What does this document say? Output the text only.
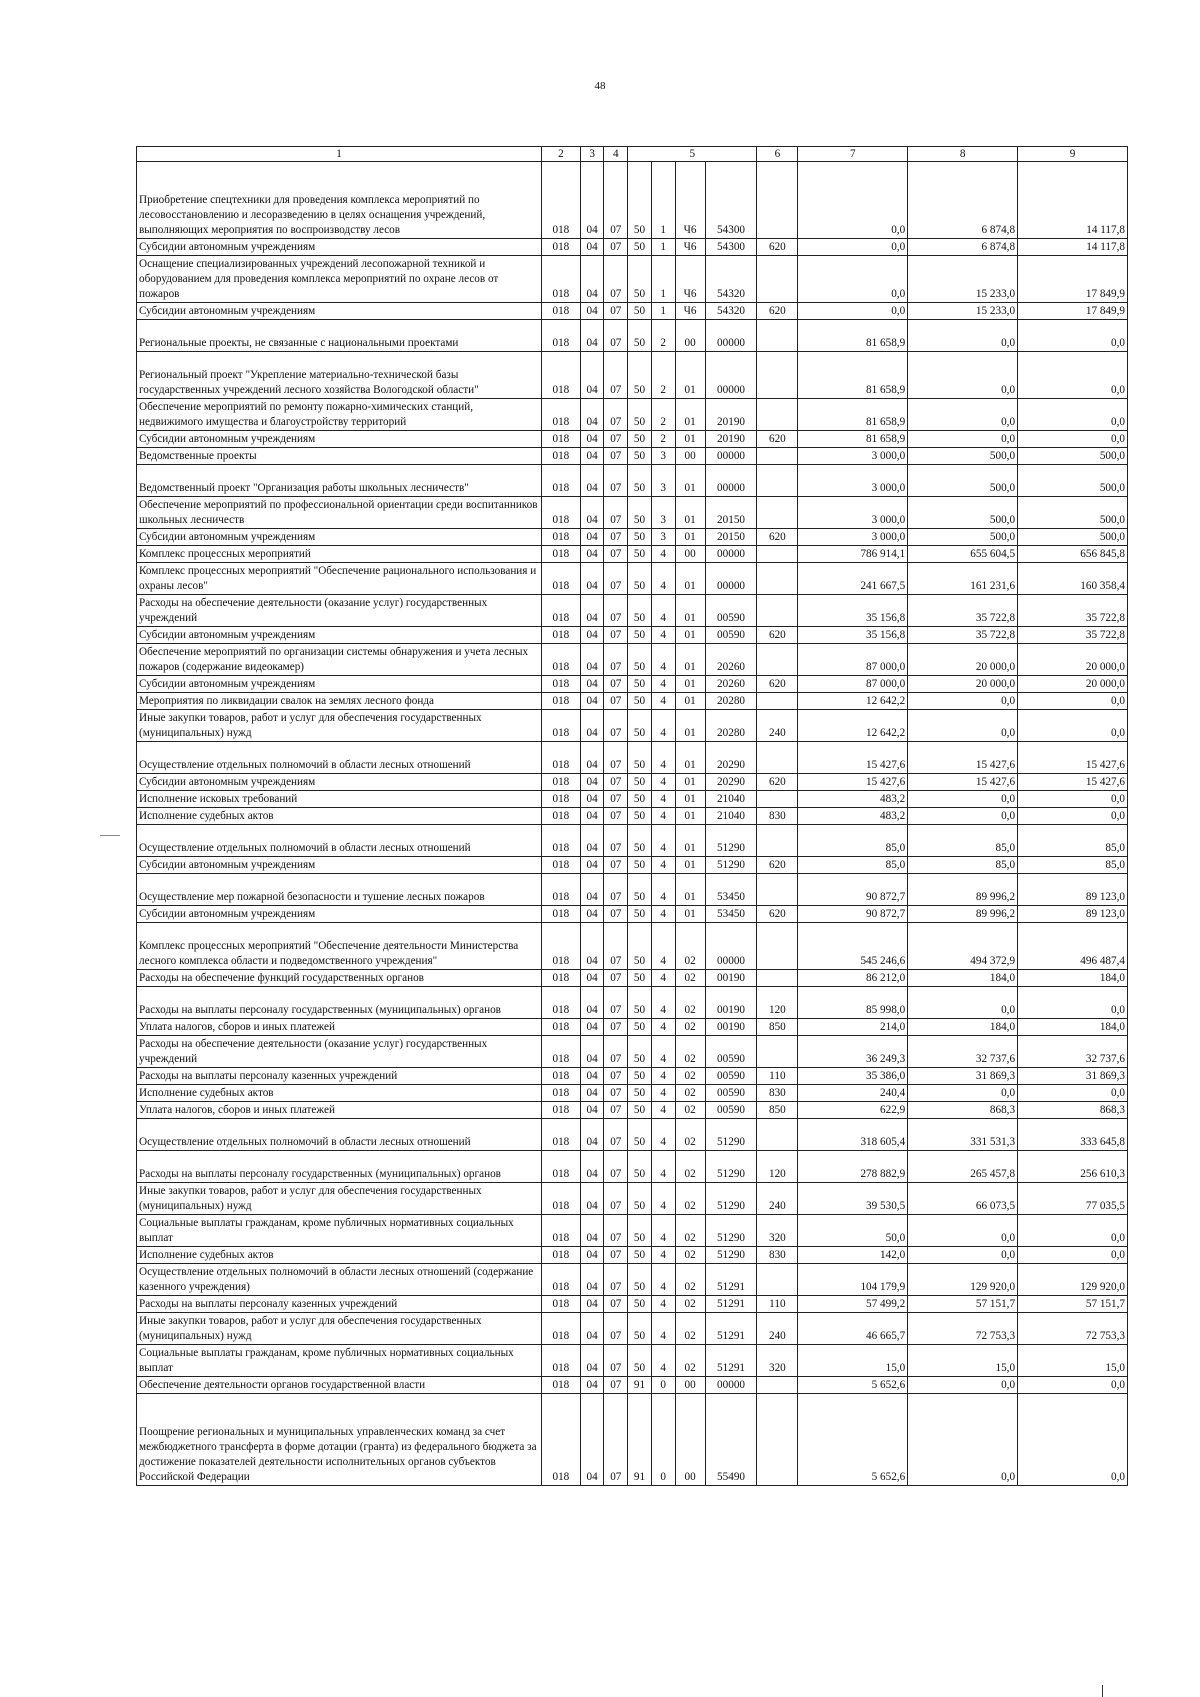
48
1	2	3	4	5				6	7	8	9
Приобретение спецтехники для проведения комплекса мероприятий по лесовосстановлению и лесоразведению в целях оснащения учреждений, выполняющих мероприятия по воспроизводству лесов	018	04	07	50	1	Ч6	54300		0,0	6 874,8	14 117,8
Субсидии автономным учреждениям	018	04	07	50	1	Ч6	54300	620	0,0	6 874,8	14 117,8
Оснащение специализированных учреждений лесопожарной техникой и оборудованием для проведения комплекса мероприятий по охране лесов от пожаров	018	04	07	50	1	Ч6	54320		0,0	15 233,0	17 849,9
Субсидии автономным учреждениям	018	04	07	50	1	Ч6	54320	620	0,0	15 233,0	17 849,9
Региональные проекты, не связанные с национальными проектами	018	04	07	50	2	00	00000		81 658,9	0,0	0,0
Региональный проект "Укрепление материально-технической базы государственных учреждений лесного хозяйства Вологодской области"	018	04	07	50	2	01	00000		81 658,9	0,0	0,0
Обеспечение мероприятий по ремонту пожарно-химических станций, недвижимого имущества и благоустройству территорий	018	04	07	50	2	01	20190		81 658,9	0,0	0,0
Субсидии автономным учреждениям	018	04	07	50	2	01	20190	620	81 658,9	0,0	0,0
Ведомственные проекты	018	04	07	50	3	00	00000		3 000,0	500,0	500,0
Ведомственный проект "Организация работы школьных лесничеств"	018	04	07	50	3	01	00000		3 000,0	500,0	500,0
Обеспечение мероприятий по профессиональной ориентации среди воспитанников школьных лесничеств	018	04	07	50	3	01	20150		3 000,0	500,0	500,0
Субсидии автономным учреждениям	018	04	07	50	3	01	20150	620	3 000,0	500,0	500,0
Комплекс процессных мероприятий	018	04	07	50	4	00	00000		786 914,1	655 604,5	656 845,8
Комплекс процессных мероприятий "Обеспечение рационального использования и охраны лесов"	018	04	07	50	4	01	00000		241 667,5	161 231,6	160 358,4
Расходы на обеспечение деятельности (оказание услуг) государственных учреждений	018	04	07	50	4	01	00590		35 156,8	35 722,8	35 722,8
Субсидии автономным учреждениям	018	04	07	50	4	01	00590	620	35 156,8	35 722,8	35 722,8
Обеспечение мероприятий по организации системы обнаружения и учета лесных пожаров (содержание видеокамер)	018	04	07	50	4	01	20260		87 000,0	20 000,0	20 000,0
Субсидии автономным учреждениям	018	04	07	50	4	01	20260	620	87 000,0	20 000,0	20 000,0
Мероприятия по ликвидации свалок на землях лесного фонда	018	04	07	50	4	01	20280		12 642,2	0,0	0,0
Иные закупки товаров, работ и услуг для обеспечения государственных (муниципальных) нужд	018	04	07	50	4	01	20280	240	12 642,2	0,0	0,0
Осуществление отдельных полномочий в области лесных отношений	018	04	07	50	4	01	20290		15 427,6	15 427,6	15 427,6
Субсидии автономным учреждениям	018	04	07	50	4	01	20290	620	15 427,6	15 427,6	15 427,6
Исполнение исковых требований	018	04	07	50	4	01	21040		483,2	0,0	0,0
Исполнение судебных актов	018	04	07	50	4	01	21040	830	483,2	0,0	0,0
Осуществление отдельных полномочий в области лесных отношений	018	04	07	50	4	01	51290		85,0	85,0	85,0
Субсидии автономным учреждениям	018	04	07	50	4	01	51290	620	85,0	85,0	85,0
Осуществление мер пожарной безопасности и тушение лесных пожаров	018	04	07	50	4	01	53450		90 872,7	89 996,2	89 123,0
Субсидии автономным учреждениям	018	04	07	50	4	01	53450	620	90 872,7	89 996,2	89 123,0
Комплекс процессных мероприятий "Обеспечение деятельности Министерства лесного комплекса области и подведомственного учреждения"	018	04	07	50	4	02	00000		545 246,6	494 372,9	496 487,4
Расходы на обеспечение функций государственных органов	018	04	07	50	4	02	00190		86 212,0	184,0	184,0
Расходы на выплаты персоналу государственных (муниципальных) органов	018	04	07	50	4	02	00190	120	85 998,0	0,0	0,0
Уплата налогов, сборов и иных платежей	018	04	07	50	4	02	00190	850	214,0	184,0	184,0
Расходы на обеспечение деятельности (оказание услуг) государственных учреждений	018	04	07	50	4	02	00590		36 249,3	32 737,6	32 737,6
Расходы на выплаты персоналу казенных учреждений	018	04	07	50	4	02	00590	110	35 386,0	31 869,3	31 869,3
Исполнение судебных актов	018	04	07	50	4	02	00590	830	240,4	0,0	0,0
Уплата налогов, сборов и иных платежей	018	04	07	50	4	02	00590	850	622,9	868,3	868,3
Осуществление отдельных полномочий в области лесных отношений	018	04	07	50	4	02	51290		318 605,4	331 531,3	333 645,8
Расходы на выплаты персоналу государственных (муниципальных) органов	018	04	07	50	4	02	51290	120	278 882,9	265 457,8	256 610,3
Иные закупки товаров, работ и услуг для обеспечения государственных (муниципальных) нужд	018	04	07	50	4	02	51290	240	39 530,5	66 073,5	77 035,5
Социальные выплаты гражданам, кроме публичных нормативных социальных выплат	018	04	07	50	4	02	51290	320	50,0	0,0	0,0
Исполнение судебных актов	018	04	07	50	4	02	51290	830	142,0	0,0	0,0
Осуществление отдельных полномочий в области лесных отношений (содержание казенного учреждения)	018	04	07	50	4	02	51291		104 179,9	129 920,0	129 920,0
Расходы на выплаты персоналу казенных учреждений	018	04	07	50	4	02	51291	110	57 499,2	57 151,7	57 151,7
Иные закупки товаров, работ и услуг для обеспечения государственных (муниципальных) нужд	018	04	07	50	4	02	51291	240	46 665,7	72 753,3	72 753,3
Социальные выплаты гражданам, кроме публичных нормативных социальных выплат	018	04	07	50	4	02	51291	320	15,0	15,0	15,0
Обеспечение деятельности органов государственной власти	018	04	07	91	0	00	00000		5 652,6	0,0	0,0
Поощрение региональных и муниципальных управленческих команд за счет межбюджетного трансферта в форме дотации (гранта) из федерального бюджета за достижение показателей деятельности исполнительных органов субъектов Российской Федерации	018	04	07	91	0	00	55490		5 652,6	0,0	0,0
